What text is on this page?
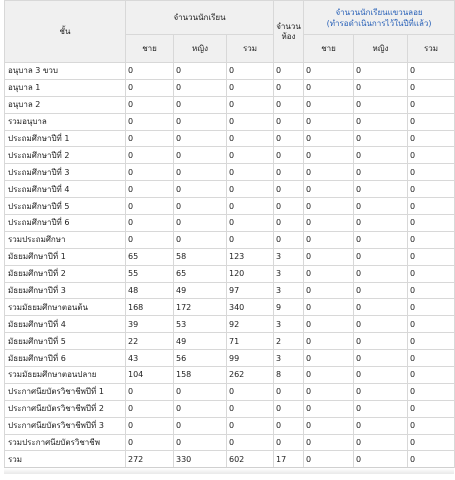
ชั้น	จำนวนนักเรียน			จำนวนห้อง	จำนวนนักเรียนแขวนลอย
(ทำรอดำเนินการไว้ในปีที่แล้ว)		

	ชาย	หญิง	รวม		ชาย	หญิง	รวม
อนุบาล 3 ขวบ	0	0	0	0	0	0	0
อนุบาล 1	0	0	0	0	0	0	0
อนุบาล 2	0	0	0	0	0	0	0
รวมอนุบาล	0	0	0	0	0	0	0
ประถมศึกษาปีที่ 1	0	0	0	0	0	0	0
ประถมศึกษาปีที่ 2	0	0	0	0	0	0	0
ประถมศึกษาปีที่ 3	0	0	0	0	0	0	0
ประถมศึกษาปีที่ 4	0	0	0	0	0	0	0
ประถมศึกษาปีที่ 5	0	0	0	0	0	0	0
ประถมศึกษาปีที่ 6	0	0	0	0	0	0	0
รวมประถมศึกษา	0	0	0	0	0	0	0
มัธยมศึกษาปีที่ 1	65	58	123	3	0	0	0
มัธยมศึกษาปีที่ 2	55	65	120	3	0	0	0
มัธยมศึกษาปีที่ 3	48	49	97	3	0	0	0
รวมมัธยมศึกษาตอนต้น	168	172	340	9	0	0	0
มัธยมศึกษาปีที่ 4	39	53	92	3	0	0	0
มัธยมศึกษาปีที่ 5	22	49	71	2	0	0	0
มัธยมศึกษาปีที่ 6	43	56	99	3	0	0	0
รวมมัธยมศึกษาตอนปลาย	104	158	262	8	0	0	0
ประกาศนียบัตรวิชาชีพปีที่ 1	0	0	0	0	0	0	0
ประกาศนียบัตรวิชาชีพปีที่ 2	0	0	0	0	0	0	0
ประกาศนียบัตรวิชาชีพปีที่ 3	0	0	0	0	0	0	0
รวมประกาศนียบัตรวิชาชีพ	0	0	0	0	0	0	0
รวม	272	330	602	17	0	0	0
